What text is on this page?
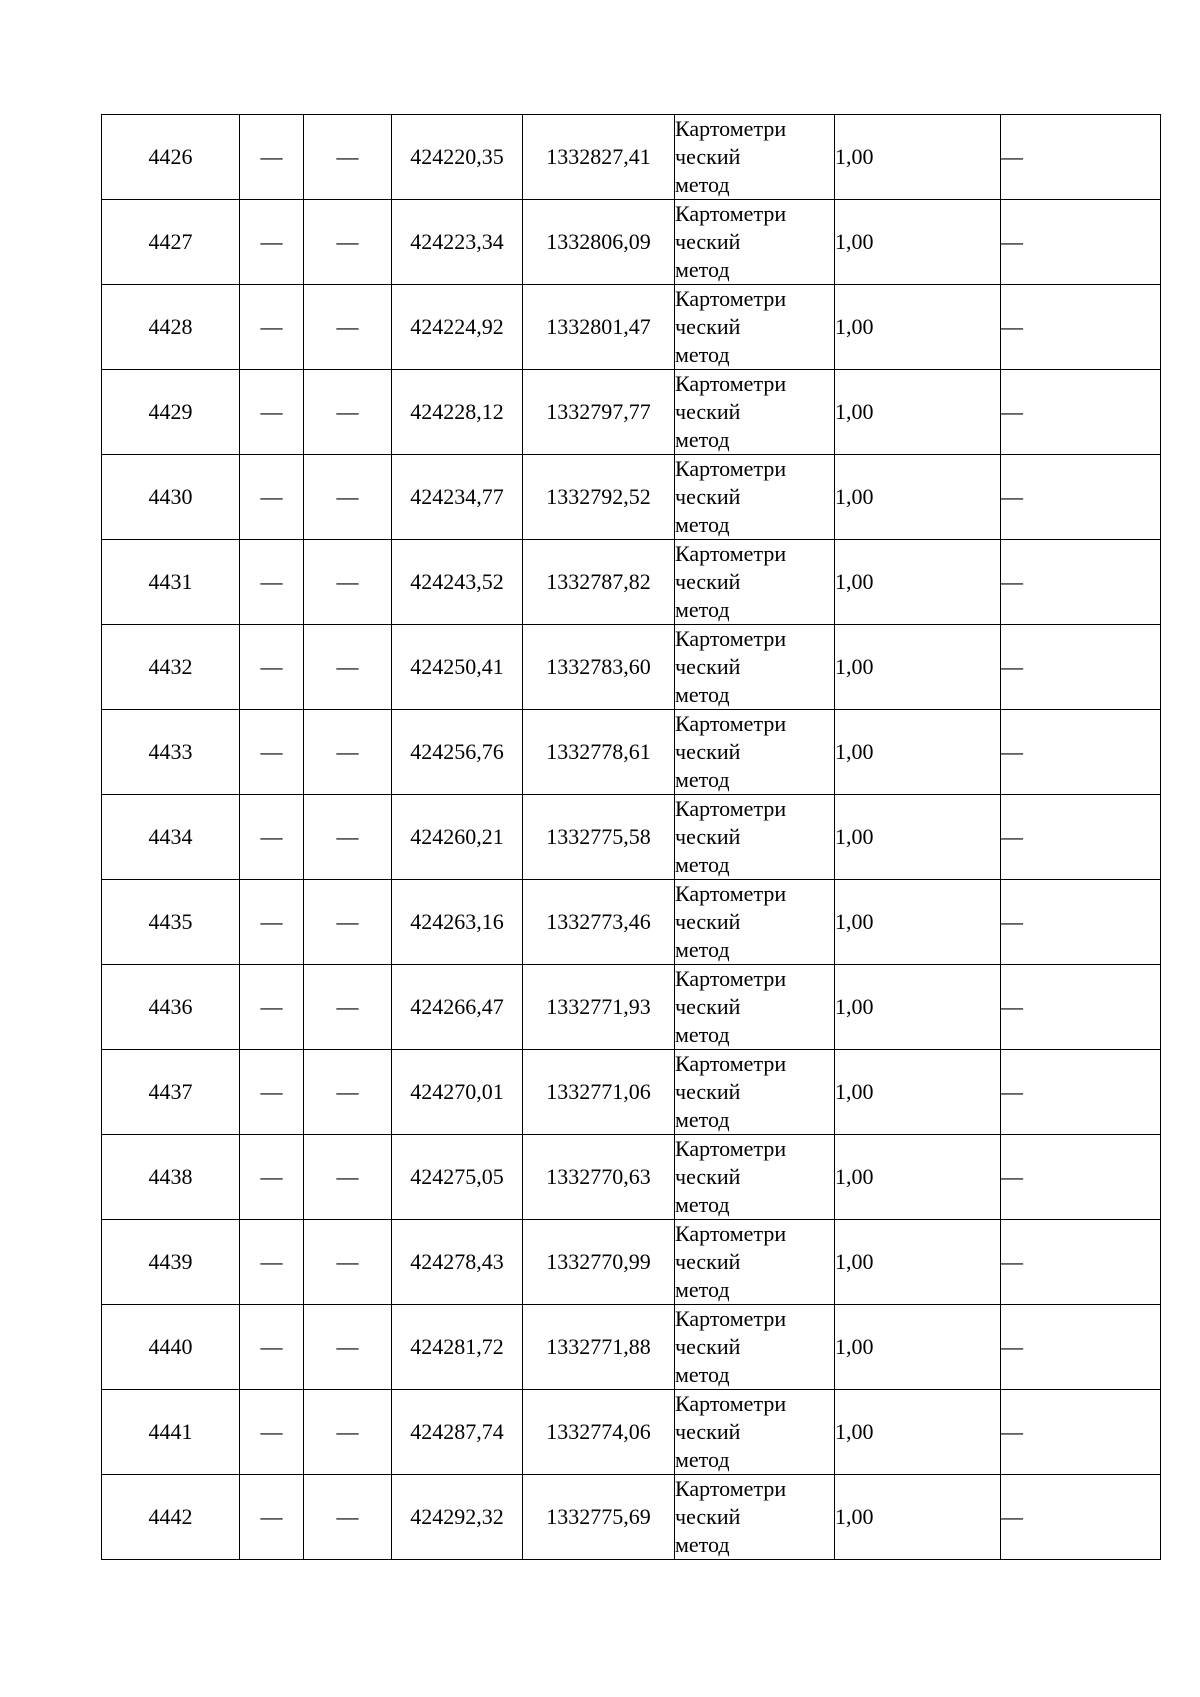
4426	—	—	424220,35	1332827,41	Картометри
ческий
метод	1,00	—
4427	—	—	424223,34	1332806,09	Картометри
ческий
метод	1,00	—
4428	—	—	424224,92	1332801,47	Картометри
ческий
метод	1,00	—
4429	—	—	424228,12	1332797,77	Картометри
ческий
метод	1,00	—
4430	—	—	424234,77	1332792,52	Картометри
ческий
метод	1,00	—
4431	—	—	424243,52	1332787,82	Картометри
ческий
метод	1,00	—
4432	—	—	424250,41	1332783,60	Картометри
ческий
метод	1,00	—
4433	—	—	424256,76	1332778,61	Картометри
ческий
метод	1,00	—
4434	—	—	424260,21	1332775,58	Картометри
ческий
метод	1,00	—
4435	—	—	424263,16	1332773,46	Картометри
ческий
метод	1,00	—
4436	—	—	424266,47	1332771,93	Картометри
ческий
метод	1,00	—
4437	—	—	424270,01	1332771,06	Картометри
ческий
метод	1,00	—
4438	—	—	424275,05	1332770,63	Картометри
ческий
метод	1,00	—
4439	—	—	424278,43	1332770,99	Картометри
ческий
метод	1,00	—
4440	—	—	424281,72	1332771,88	Картометри
ческий
метод	1,00	—
4441	—	—	424287,74	1332774,06	Картометри
ческий
метод	1,00	—
4442	—	—	424292,32	1332775,69	Картометри
ческий
метод	1,00	—
